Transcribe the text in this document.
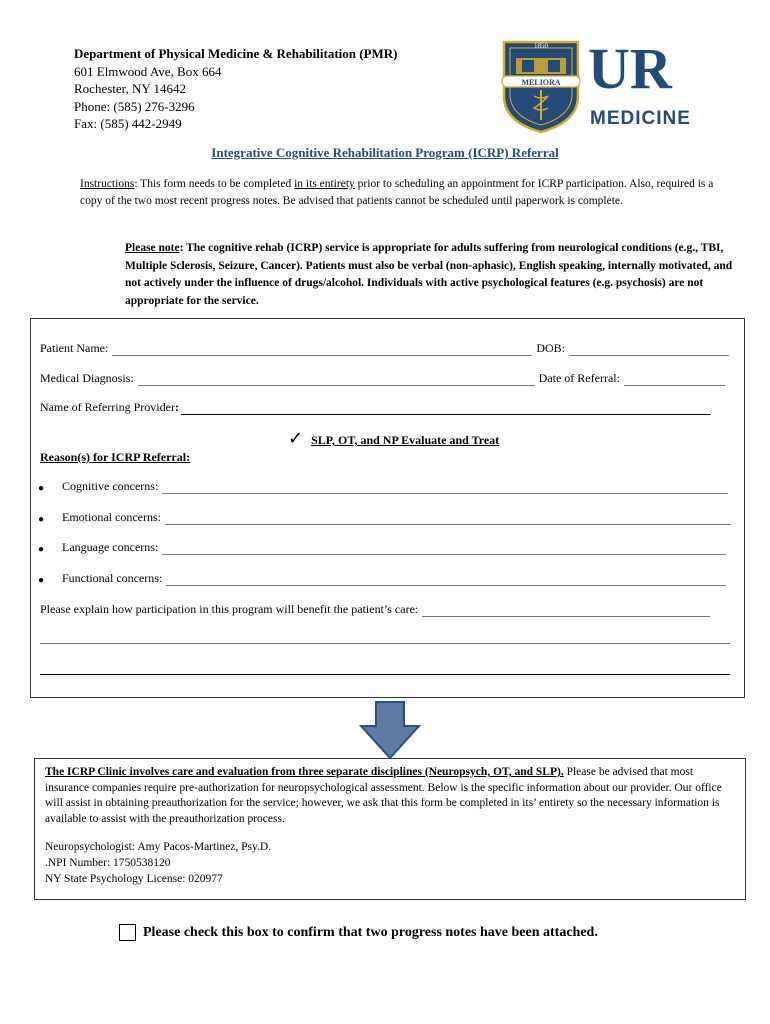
Department of Physical Medicine & Rehabilitation (PMR)
601 Elmwood Ave, Box 664
Rochester, NY 14642
Phone: (585) 276-3296
Fax: (585) 442-2949
1850
MELIORA UR
MEDICINE
Integrative Cognitive Rehabilitation Program (ICRP) Referral
Instructions: This form needs to be completed in its entirety prior to scheduling an appointment for ICRP participation. Also, required is a copy of the two most recent progress notes. Be advised that patients cannot be scheduled until paperwork is complete.
Please note: The cognitive rehab (ICRP) service is appropriate for adults suffering from neurological conditions (e.g., TBI, Multiple Sclerosis, Seizure, Cancer). Patients must also be verbal (non-aphasic), English speaking, internally motivated, and not actively under the influence of drugs/alcohol. Individuals with active psychological features (e.g. psychosis) are not appropriate for the service.
Patient Name:	DOB:
Medical Diagnosis:	Date of Referral:
Name of Referring Provider :
✓ SLP, OT, and NP Evaluate and Treat
Reason(s) for ICRP Referral:
●	Cognitive concerns:
●	Emotional concerns:
●	Language concerns:
●	Functional concerns:
Please explain how participation in this program will benefit the patient’s care:
The ICRP Clinic involves care and evaluation from three separate disciplines (Neuropsych, OT, and SLP). Please be advised that most insurance companies require pre-authorization for neuropsychological assessment. Below is the specific information about our provider. Our office will assist in obtaining preauthorization for the service; however, we ask that this form be completed in its’ entirety so the necessary information is available to assist with the preauthorization process.
Neuropsychologist: Amy Pacos-Martinez, Psy.D.
.NPI Number: 1750538120
NY State Psychology License: 020977
Please check this box to confirm that two progress notes have been attached.
